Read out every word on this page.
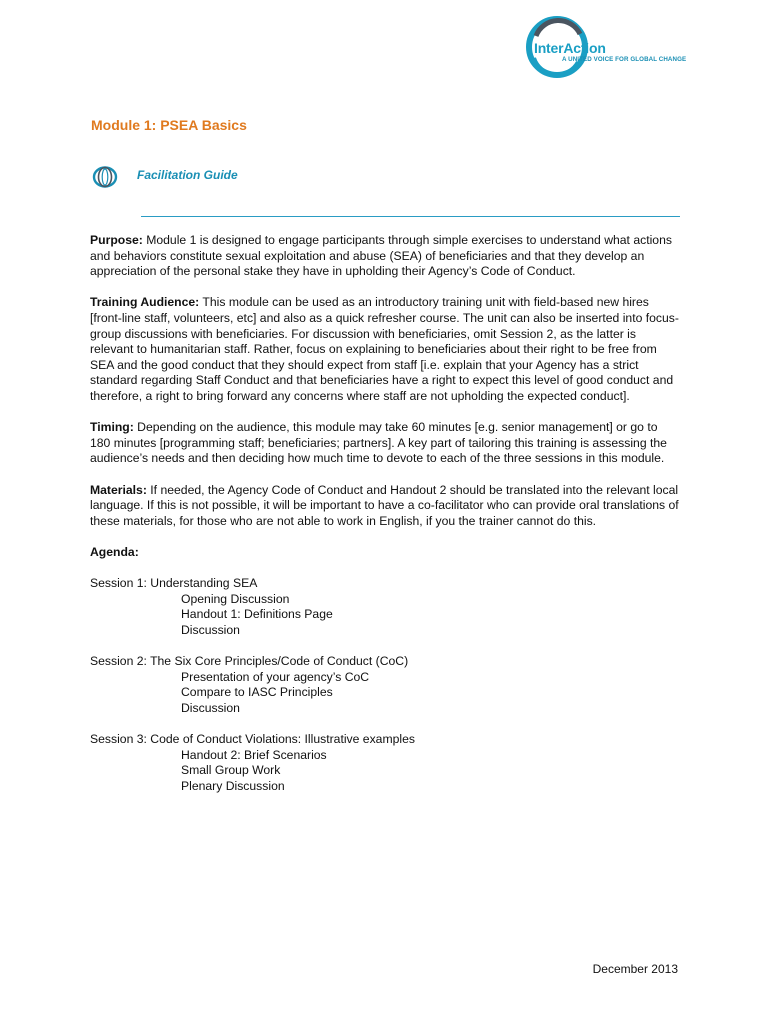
InterAction
A UNITED VOICE FOR GLOBAL CHANGE
Module 1: PSEA Basics
Facilitation Guide

Purpose: Module 1 is designed to engage participants through simple exercises to understand what actions and behaviors constitute sexual exploitation and abuse (SEA) of beneficiaries and that they develop an appreciation of the personal stake they have in upholding their Agency’s Code of Conduct.

Training Audience: This module can be used as an introductory training unit with field-based new hires [front-line staff, volunteers, etc] and also as a quick refresher course. The unit can also be inserted into focus-group discussions with beneficiaries. For discussion with beneficiaries, omit Session 2, as the latter is relevant to humanitarian staff. Rather, focus on explaining to beneficiaries about their right to be free from SEA and the good conduct that they should expect from staff [i.e. explain that your Agency has a strict standard regarding Staff Conduct and that beneficiaries have a right to expect this level of good conduct and therefore, a right to bring forward any concerns where staff are not upholding the expected conduct].

Timing: Depending on the audience, this module may take 60 minutes [e.g. senior management] or go to 180 minutes [programming staff; beneficiaries; partners]. A key part of tailoring this training is assessing the audience’s needs and then deciding how much time to devote to each of the three sessions in this module.

Materials: If needed, the Agency Code of Conduct and Handout 2 should be translated into the relevant local language. If this is not possible, it will be important to have a co-facilitator who can provide oral translations of these materials, for those who are not able to work in English, if you the trainer cannot do this.

Agenda:
Session 1: Understanding SEA
Opening Discussion
Handout 1: Definitions Page
Discussion
Session 2: The Six Core Principles/Code of Conduct (CoC)
Presentation of your agency’s CoC
Compare to IASC Principles
Discussion
Session 3: Code of Conduct Violations: Illustrative examples
Handout 2: Brief Scenarios
Small Group Work
Plenary Discussion
December 2013
